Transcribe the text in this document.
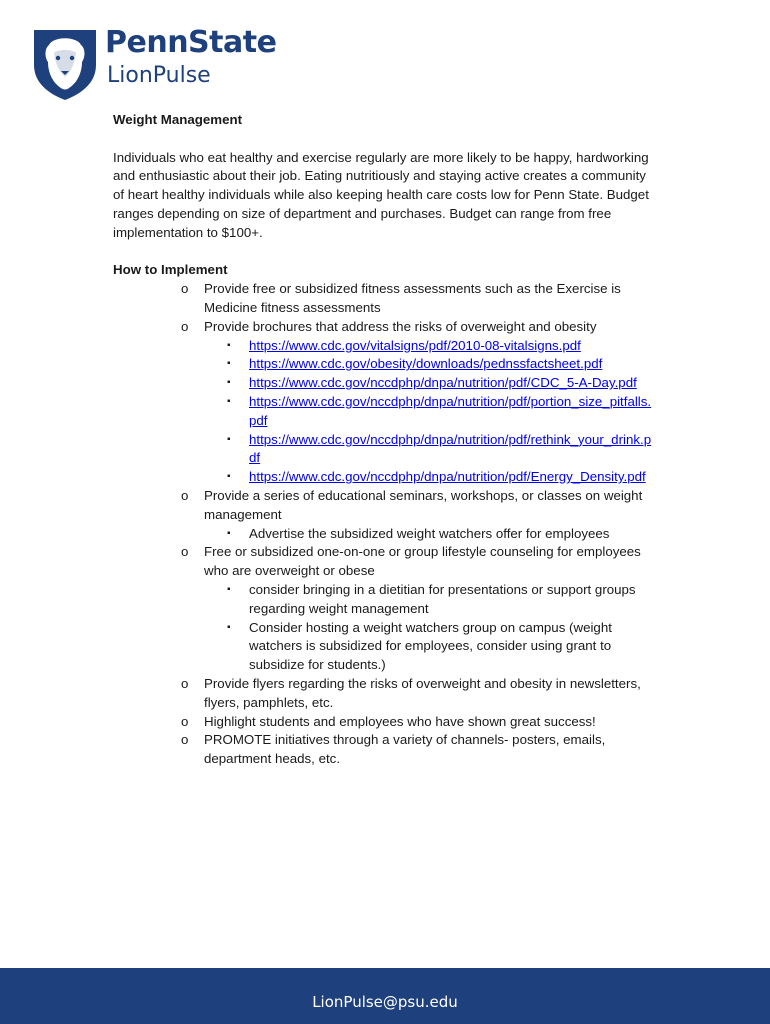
PennState
LionPulse

Weight Management

Individuals who eat healthy and exercise regularly are more likely to be happy, hardworking and enthusiastic about their job. Eating nutritiously and staying active creates a community of heart healthy individuals while also keeping health care costs low for Penn State. Budget ranges depending on size of department and purchases. Budget can range from free implementation to $100+.

How to Implement

o Provide free or subsidized fitness assessments such as the Exercise is Medicine fitness assessments
o Provide brochures that address the risks of overweight and obesity
▪ https://www.cdc.gov/vitalsigns/pdf/2010-08-vitalsigns.pdf
▪ https://www.cdc.gov/obesity/downloads/pednssfactsheet.pdf
▪ https://www.cdc.gov/nccdphp/dnpa/nutrition/pdf/CDC_5-A-Day.pdf
▪ https://www.cdc.gov/nccdphp/dnpa/nutrition/pdf/portion_size_pitfalls.pdf
▪ https://www.cdc.gov/nccdphp/dnpa/nutrition/pdf/rethink_your_drink.pdf
▪ https://www.cdc.gov/nccdphp/dnpa/nutrition/pdf/Energy_Density.pdf
o Provide a series of educational seminars, workshops, or classes on weight management
▪ Advertise the subsidized weight watchers offer for employees
o Free or subsidized one-on-one or group lifestyle counseling for employees who are overweight or obese
▪ consider bringing in a dietitian for presentations or support groups regarding weight management
▪ Consider hosting a weight watchers group on campus (weight watchers is subsidized for employees, consider using grant to subsidize for students.)
o Provide flyers regarding the risks of overweight and obesity in newsletters, flyers, pamphlets, etc.
o Highlight students and employees who have shown great success!
o PROMOTE initiatives through a variety of channels- posters, emails, department heads, etc.
LionPulse@psu.edu
